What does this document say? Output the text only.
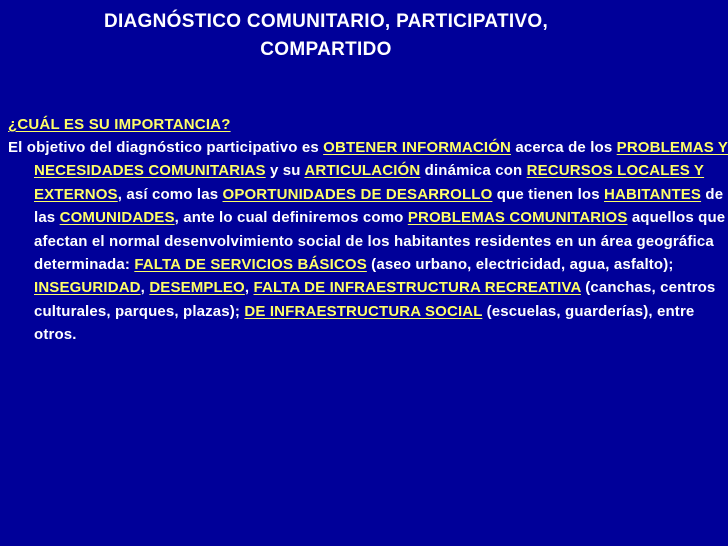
DIAGNÓSTICO COMUNITARIO, PARTICIPATIVO,
COMPARTIDO
¿CUÁL ES SU IMPORTANCIA?

El objetivo del diagnóstico participativo es OBTENER INFORMACIÓN acerca de los PROBLEMAS Y NECESIDADES COMUNITARIAS y su ARTICULACIÓN dinámica con RECURSOS LOCALES Y EXTERNOS, así como las OPORTUNIDADES DE DESARROLLO que tienen los HABITANTES de las COMUNIDADES, ante lo cual definiremos como PROBLEMAS COMUNITARIOS aquellos que afectan el normal desenvolvimiento social de los habitantes residentes en un área geográfica determinada: FALTA DE SERVICIOS BÁSICOS (aseo urbano, electricidad, agua, asfalto); INSEGURIDAD, DESEMPLEO, FALTA DE INFRAESTRUCTURA RECREATIVA (canchas, centros culturales, parques, plazas); DE INFRAESTRUCTURA SOCIAL (escuelas, guarderías), entre otros.
